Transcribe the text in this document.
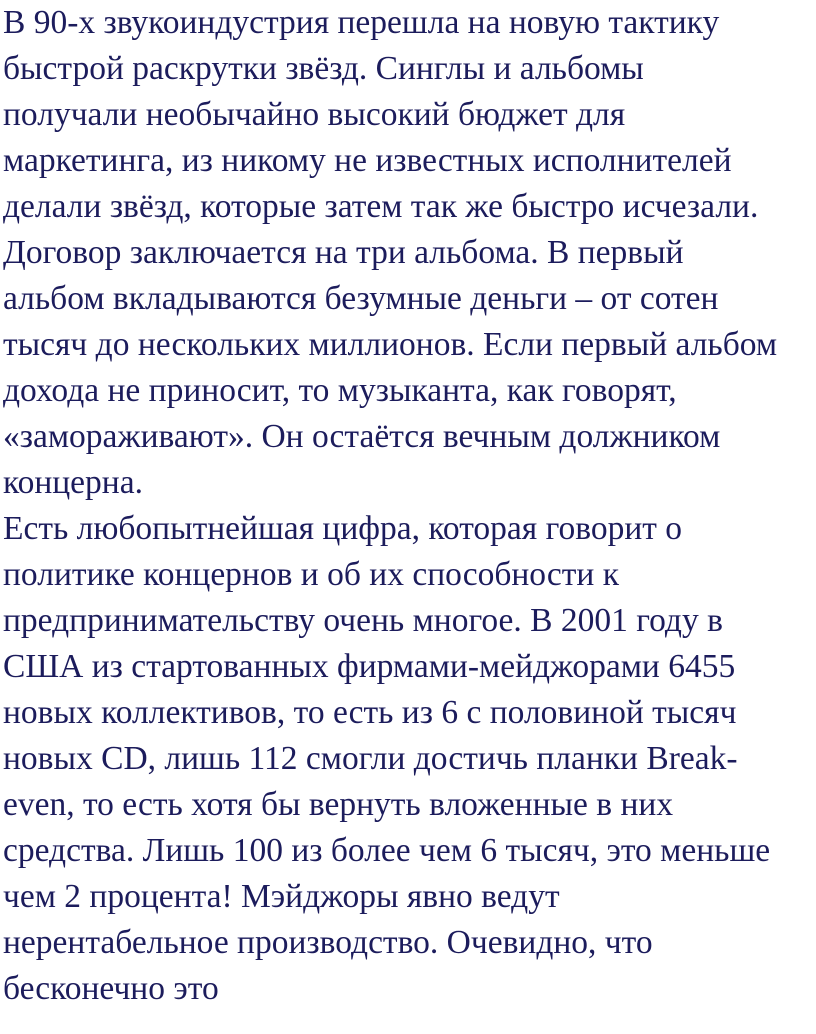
В 90-х звукоиндустрия перешла на новую тактику
быстрой раскрутки звёзд. Синглы и альбомы
получали необычайно высокий бюджет для
маркетинга, из никому не известных исполнителей
делали звёзд, которые затем так же быстро исчезали.
Договор заключается на три альбома. В первый
альбом вкладываются безумные деньги – от сотен
тысяч до нескольких миллионов. Если первый альбом
дохода не приносит, то музыканта, как говорят,
«замораживают». Он остаётся вечным должником
концерна.
Есть любопытнейшая цифра, которая говорит о
политике концернов и об их способности к
предпринимательству очень многое. В 2001 году в
США из стартованных фирмами-мейджорами 6455
новых коллективов, то есть из 6 с половиной тысяч
новых CD, лишь 112 смогли достичь планки Break-
even, то есть хотя бы вернуть вложенные в них
средства. Лишь 100 из более чем 6 тысяч, это меньше
чем 2 процента! Мэйджоры явно ведут
нерентабельное производство. Очевидно, что
бесконечно это
